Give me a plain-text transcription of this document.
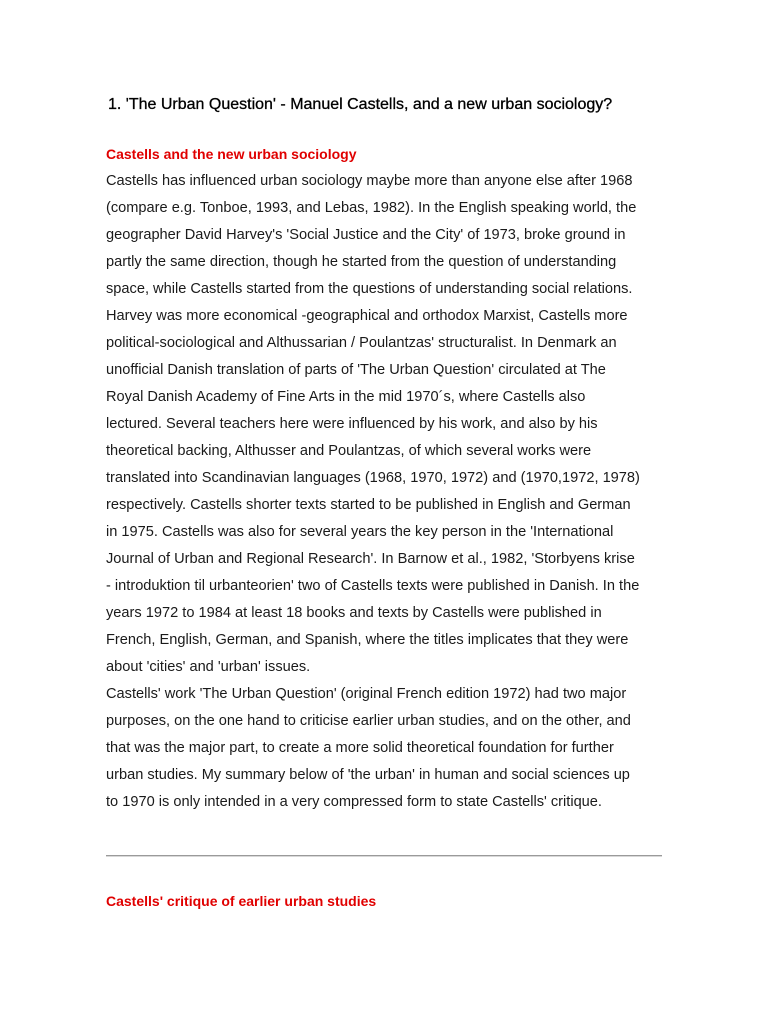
1. 'The Urban Question' - Manuel Castells, and a new urban sociology?
Castells and the new urban sociology
Castells has influenced urban sociology maybe more than anyone else after 1968
(compare e.g. Tonboe, 1993, and Lebas, 1982). In the English speaking world, the
geographer David Harvey's 'Social Justice and the City' of 1973, broke ground in
partly the same direction, though he started from the question of understanding
space, while Castells started from the questions of understanding social relations.
Harvey was more economical -geographical and orthodox Marxist, Castells more
political-sociological and Althussarian / Poulantzas' structuralist. In Denmark an
unofficial Danish translation of parts of 'The Urban Question' circulated at The
Royal Danish Academy of Fine Arts in the mid 1970´s, where Castells also
lectured. Several teachers here were influenced by his work, and also by his
theoretical backing, Althusser and Poulantzas, of which several works were
translated into Scandinavian languages (1968, 1970, 1972) and (1970,1972, 1978)
respectively. Castells shorter texts started to be published in English and German
in 1975. Castells was also for several years the key person in the 'International
Journal of Urban and Regional Research'. In Barnow et al., 1982, 'Storbyens krise
- introduktion til urbanteorien' two of Castells texts were published in Danish. In the
years 1972 to 1984 at least 18 books and texts by Castells were published in
French, English, German, and Spanish, where the titles implicates that they were
about 'cities' and 'urban' issues.
Castells' work 'The Urban Question' (original French edition 1972) had two major
purposes, on the one hand to criticise earlier urban studies, and on the other, and
that was the major part, to create a more solid theoretical foundation for further
urban studies. My summary below of 'the urban' in human and social sciences up
to 1970 is only intended in a very compressed form to state Castells' critique.
Castells' critique of earlier urban studies
